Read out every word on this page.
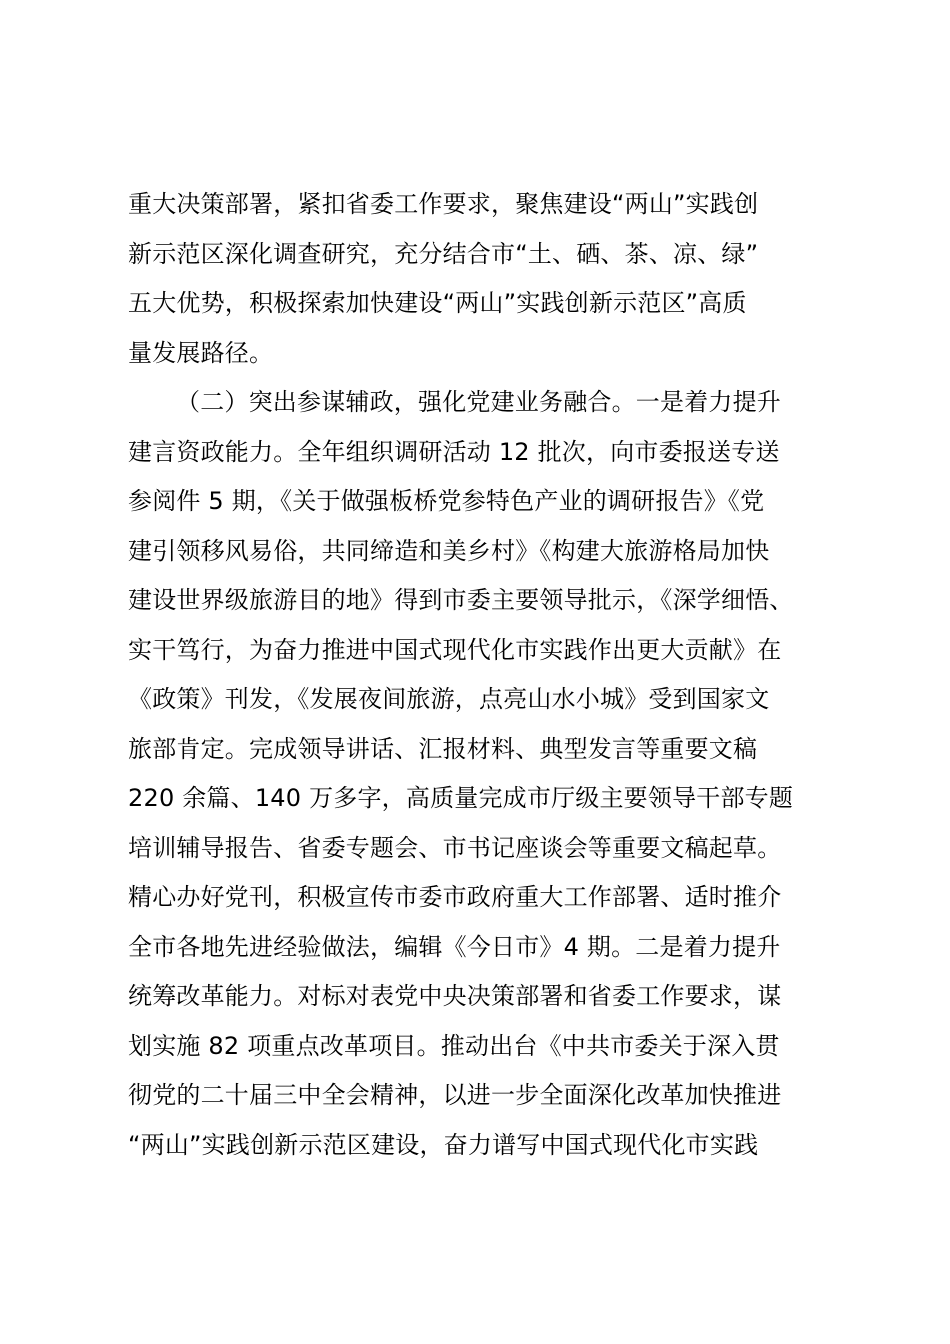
重大决策部署，紧扣省委工作要求，聚焦建设“两山”实践创
新示范区深化调查研究，充分结合市“土、硒、茶、凉、绿”
五大优势，积极探索加快建设“两山”实践创新示范区”高质
量发展路径。
（二）突出参谋辅政，强化党建业务融合。一是着力提升
建言资政能力。全年组织调研活动 12 批次，向市委报送专送
参阅件 5 期，《关于做强板桥党参特色产业的调研报告》《党
建引领移风易俗，共同缔造和美乡村》《构建大旅游格局加快
建设世界级旅游目的地》得到市委主要领导批示，《深学细悟、
实干笃行，为奋力推进中国式现代化市实践作出更大贡献》在
《政策》刊发，《发展夜间旅游，点亮山水小城》受到国家文
旅部肯定。完成领导讲话、汇报材料、典型发言等重要文稿
220 余篇、140 万多字，高质量完成市厅级主要领导干部专题
培训辅导报告、省委专题会、市书记座谈会等重要文稿起草。
精心办好党刊，积极宣传市委市政府重大工作部署、适时推介
全市各地先进经验做法，编辑《今日市》4 期。二是着力提升
统筹改革能力。对标对表党中央决策部署和省委工作要求，谋
划实施 82 项重点改革项目。推动出台《中共市委关于深入贯
彻党的二十届三中全会精神，以进一步全面深化改革加快推进
“两山”实践创新示范区建设，奋力谱写中国式现代化市实践
